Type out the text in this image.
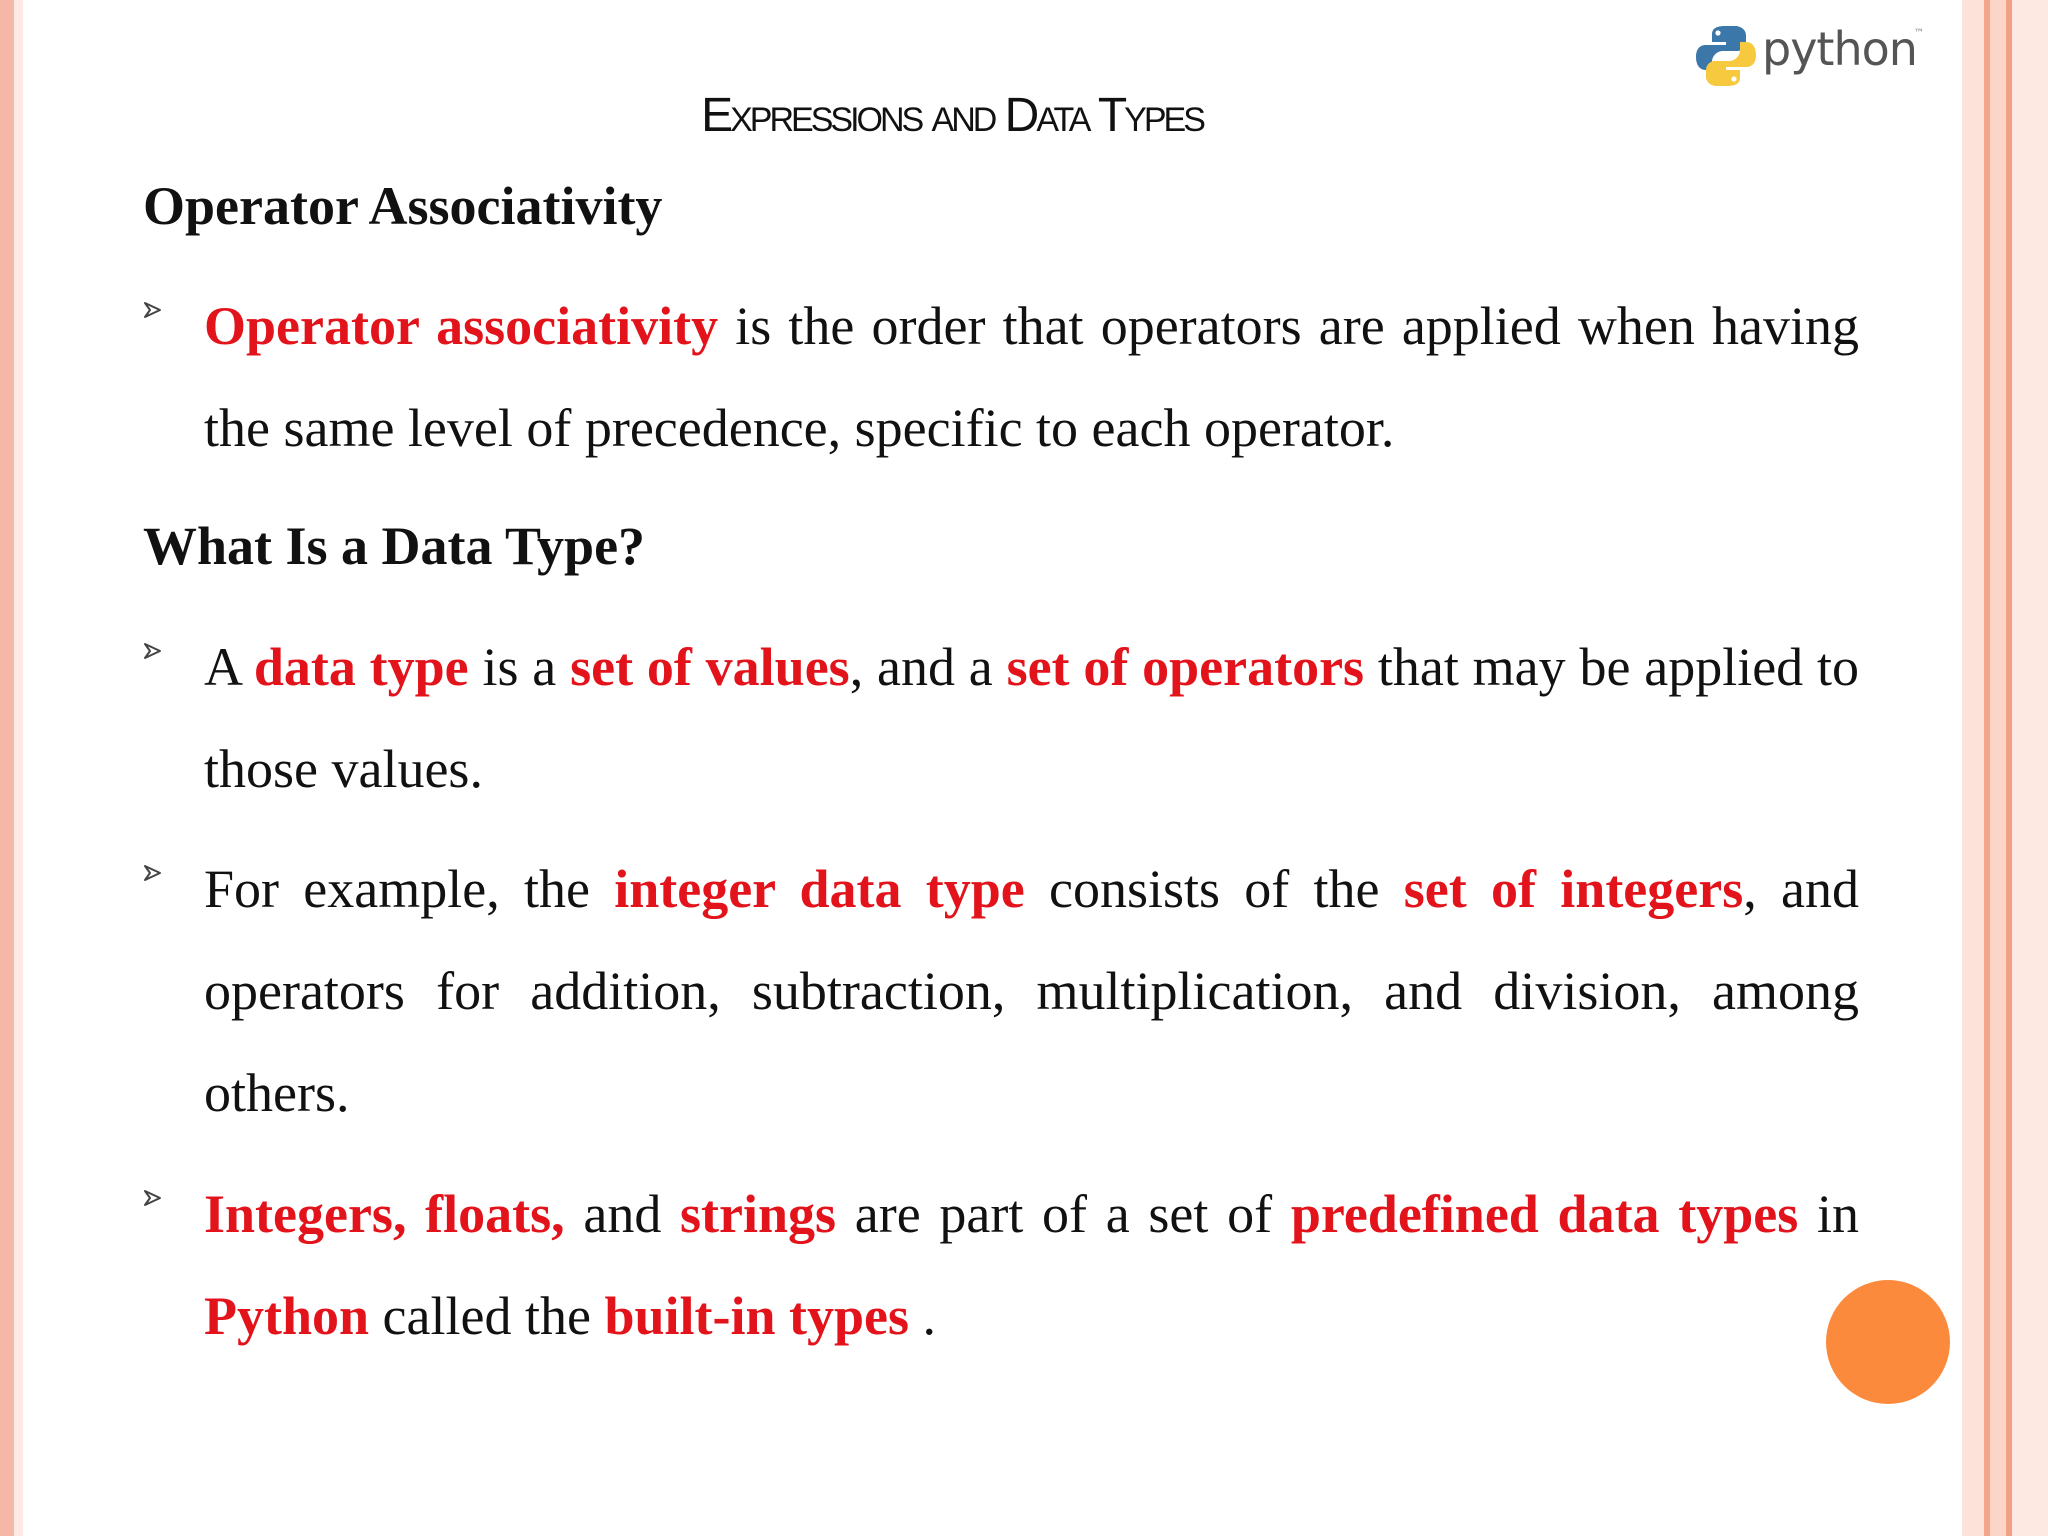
python
™
Expressions and Data Types
Operator Associativity
Operator associativity is the order that operators are applied when having the same level of precedence, specific to each operator.
What Is a Data Type?
A data type is a set of values, and a set of operators that may be applied to those values.
For example, the integer data type consists of the set of integers, and operators for addition, subtraction, multiplication, and division, among others.
Integers, floats, and strings are part of a set of predefined data types in Python called the built-in types .
